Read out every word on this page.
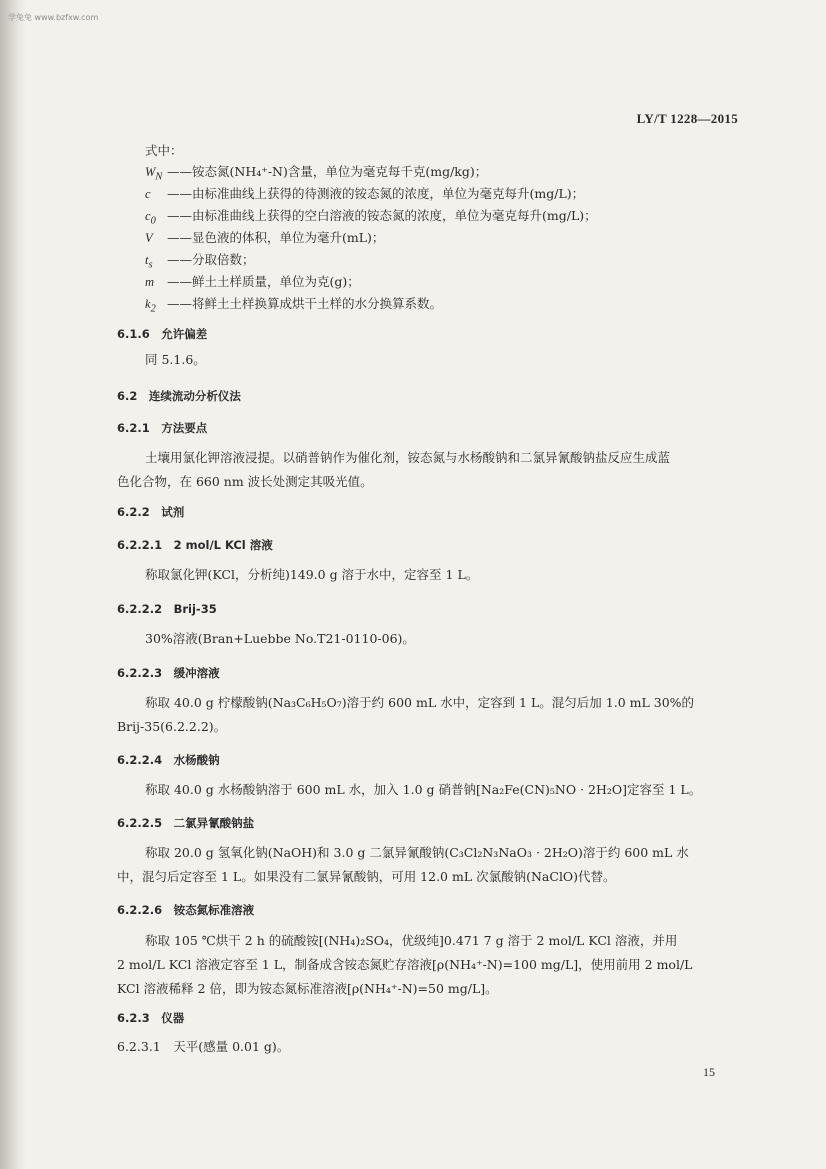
学兔兔 www.bzfxw.com
LY/T 1228—2015
式中：
$W_N$ ——铵态氮(NH₄⁺-N)含量，单位为毫克每千克(mg/kg)；
c ——由标准曲线上获得的待测液的铵态氮的浓度，单位为毫克每升(mg/L)；
$c_0$ ——由标准曲线上获得的空白溶液的铵态氮的浓度，单位为毫克每升(mg/L)；
V ——显色液的体积，单位为毫升(mL)；
$t_s$ ——分取倍数；
m ——鲜土土样质量，单位为克(g)；
$k_2$ ——将鲜土土样换算成烘干土样的水分换算系数。
6.1.6　允许偏差
同 5.1.6。
6.2　连续流动分析仪法
6.2.1　方法要点
土壤用氯化钾溶液浸提。以硝普钠作为催化剂，铵态氮与水杨酸钠和二氯异氰酸钠盐反应生成蓝
色化合物，在 660 nm 波长处测定其吸光值。
6.2.2　试剂
6.2.2.1　2 mol/L KCl 溶液
称取氯化钾(KCl，分析纯)149.0 g 溶于水中，定容至 1 L。
6.2.2.2　Brij-35
30%溶液(Bran+Luebbe No.T21-0110-06)。
6.2.2.3　缓冲溶液
称取 40.0 g 柠檬酸钠(Na₃C₆H₅O₇)溶于约 600 mL 水中，定容到 1 L。混匀后加 1.0 mL 30%的
Brij-35(6.2.2.2)。
6.2.2.4　水杨酸钠
称取 40.0 g 水杨酸钠溶于 600 mL 水，加入 1.0 g 硝普钠[Na₂Fe(CN)₅NO · 2H₂O]定容至 1 L。
6.2.2.5　二氯异氰酸钠盐
称取 20.0 g 氢氧化钠(NaOH)和 3.0 g 二氯异氰酸钠(C₃Cl₂N₃NaO₃ · 2H₂O)溶于约 600 mL 水
中，混匀后定容至 1 L。如果没有二氯异氰酸钠，可用 12.0 mL 次氯酸钠(NaClO)代替。
6.2.2.6　铵态氮标准溶液
称取 105 ℃烘干 2 h 的硫酸铵[(NH₄)₂SO₄，优级纯]0.471 7 g 溶于 2 mol/L KCl 溶液，并用
2 mol/L KCl 溶液定容至 1 L，制备成含铵态氮贮存溶液[ρ(NH₄⁺-N)=100 mg/L]，使用前用 2 mol/L
KCl 溶液稀释 2 倍，即为铵态氮标准溶液[ρ(NH₄⁺-N)=50 mg/L]。
6.2.3　仪器
6.2.3.1　天平(感量 0.01 g)。
15
